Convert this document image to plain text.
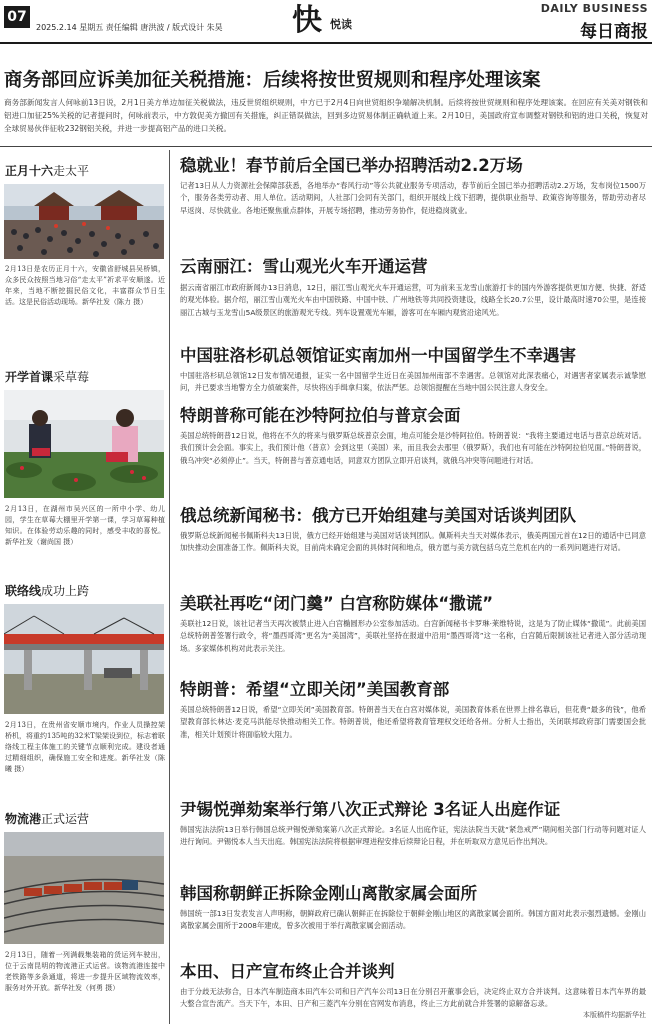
07
2025.2.14 星期五 责任编辑 唐洪波 / 版式设计 朱昊 快 悦读
DAILY BUSINESS
每日商报
商务部回应诉美加征关税措施：后续将按世贸规则和程序处理该案
商务部新闻发言人何咏前13日说，2月1日美方单边加征关税做法，违反世贸组织规则，中方已于2月4日向世贸组织争端解决机制。后续将按世贸规则和程序处理该案。在回应有关美对钢铁和铝进口加征25%关税的记者提问时，何咏前表示，中方敦促美方撤回有关措施，纠正错误做法，回到多边贸易体制正确轨道上来。2月10日，美国政府宣布调整对钢铁和铝的进口关税，恢复对全球贸易伙伴征收232钢铝关税，并进一步提高铝产品的进口关税。
正月十六走太平
2月13日是农历正月十六，安徽省舒城县吴桥镇，众多民众按照当地习俗“走太平”祈求平安顺遂。近年来，当地不断挖掘民俗文化，丰富群众节日生活。这是民俗活动现场。新华社发（陈力 摄）
开学首课采草莓
2月13日，在湖州市吴兴区的一所中小学、幼儿园，学生在草莓大棚里开学第一课，学习草莓种植知识。在体验劳动乐趣的同时，感受丰收的喜悦。新华社发（谢尚国 摄）
联络线成功上跨
2月13日，在贵州省安顺市境内，作业人员操控架桥机，将重约135吨的32米T梁架设到位，标志着联络线工程主体施工的关键节点顺利完成。建设者通过精细组织，确保施工安全和进度。新华社发（陈曦 摄）
物流港正式运营
2月13日，随着一列满载集装箱的货运列车驶出，位于云南昆明的物流港正式运营。该物流港连接中老铁路等多条通道，将进一步提升区域物流效率，服务对外开放。新华社发（何勇 摄）
稳就业！春节前后全国已举办招聘活动2.2万场
记者13日从人力资源社会保障部获悉，各地举办“春风行动”等公共就业服务专项活动，春节前后全国已举办招聘活动2.2万场，发布岗位1500万个，服务各类劳动者、用人单位。活动期间，人社部门会同有关部门，组织开展线上线下招聘，提供职业指导、政策咨询等服务，帮助劳动者尽早返岗、尽快就业。各地还聚焦重点群体，开展专场招聘，推动劳务协作，促进稳岗就业。
云南丽江：雪山观光火车开通运营
据云南省丽江市政府新闻办13日消息，12日，丽江雪山观光火车开通运营，可为前来玉龙雪山旅游打卡的国内外游客提供更加方便、快捷、舒适的观光体验。据介绍，丽江雪山观光火车由中国铁路、中国中铁、广州地铁等共同投资建设，线路全长20.7公里，设计最高时速70公里，是连接丽江古城与玉龙雪山5A级景区的旅游观光专线。列车设置观光车厢，游客可在车厢内观赏沿途风光。
中国驻洛杉矶总领馆证实南加州一中国留学生不幸遇害
中国驻洛杉矶总领馆12日发布情况通报，证实一名中国留学生近日在美国加州南部不幸遇害。总领馆对此深表痛心，对遇害者家属表示诚挚慰问，并已要求当地警方全力侦破案件，尽快将凶手缉拿归案，依法严惩。总领馆提醒在当地中国公民注意人身安全。
特朗普称可能在沙特阿拉伯与普京会面
美国总统特朗普12日说，他将在不久的将来与俄罗斯总统普京会面，地点可能会是沙特阿拉伯。特朗普说：“我将主要通过电话与普京总统对话。我们预计会会面。事实上，我们预计他（普京）会到这里（美国）来，而且我会去那里（俄罗斯），我们也有可能在沙特阿拉伯见面。”特朗普说，俄乌冲突“必须停止”。当天，特朗普与普京通电话，同意双方团队立即开启谈判，就俄乌冲突等问题进行对话。
俄总统新闻秘书：俄方已开始组建与美国对话谈判团队
俄罗斯总统新闻秘书佩斯科夫13日说，俄方已经开始组建与美国对话谈判团队。佩斯科夫当天对媒体表示，俄美两国元首在12日的通话中已同意加快推动会面准备工作。佩斯科夫说，目前尚未确定会面的具体时间和地点，俄方愿与美方就包括乌克兰危机在内的一系列问题进行对话。
美联社再吃“闭门羹” 白宫称防媒体“撒谎”
美联社12日说，该社记者当天再次被禁止进入白宫椭圆形办公室参加活动。白宫新闻秘书卡罗琳·莱维特说，这是为了防止媒体“撒谎”。此前美国总统特朗普签署行政令，将“墨西哥湾”更名为“美国湾”，美联社坚持在报道中沿用“墨西哥湾”这一名称，白宫随后限制该社记者进入部分活动现场。多家媒体机构对此表示关注。
特朗普：希望“立即关闭”美国教育部
美国总统特朗普12日说，希望“立即关闭”美国教育部。特朗普当天在白宫对媒体说，美国教育体系在世界上排名靠后，但花费“最多的钱”，他希望教育部长林达·麦克马洪能尽快推动相关工作。特朗普说，他还希望将教育管理权交还给各州。分析人士指出，关闭联邦政府部门需要国会批准，相关计划预计将面临较大阻力。
尹锡悦弹劾案举行第八次正式辩论 3名证人出庭作证
韩国宪法法院13日举行韩国总统尹锡悦弹劾案第八次正式辩论。3名证人出庭作证，宪法法院当天就“紧急戒严”期间相关部门行动等问题对证人进行询问。尹锡悦本人当天出庭。韩国宪法法院将根据审理进程安排后续辩论日程，并在听取双方意见后作出判决。
韩国称朝鲜正拆除金刚山离散家属会面所
韩国统一部13日发表发言人声明称，朝鲜政府已确认朝鲜正在拆除位于朝鲜金刚山地区的离散家属会面所。韩国方面对此表示强烈遗憾。金刚山离散家属会面所于2008年建成，曾多次被用于举行离散家属会面活动。
本田、日产宣布终止合并谈判
由于分歧无法弥合，日本汽车制造商本田汽车公司和日产汽车公司13日在分别召开董事会后，决定终止双方合并谈判。这意味着日本汽车界的最大整合宣告流产。当天下午，本田、日产和三菱汽车分别在官网发布消息，终止三方此前就合并签署的谅解备忘录。
本版稿件均据新华社
